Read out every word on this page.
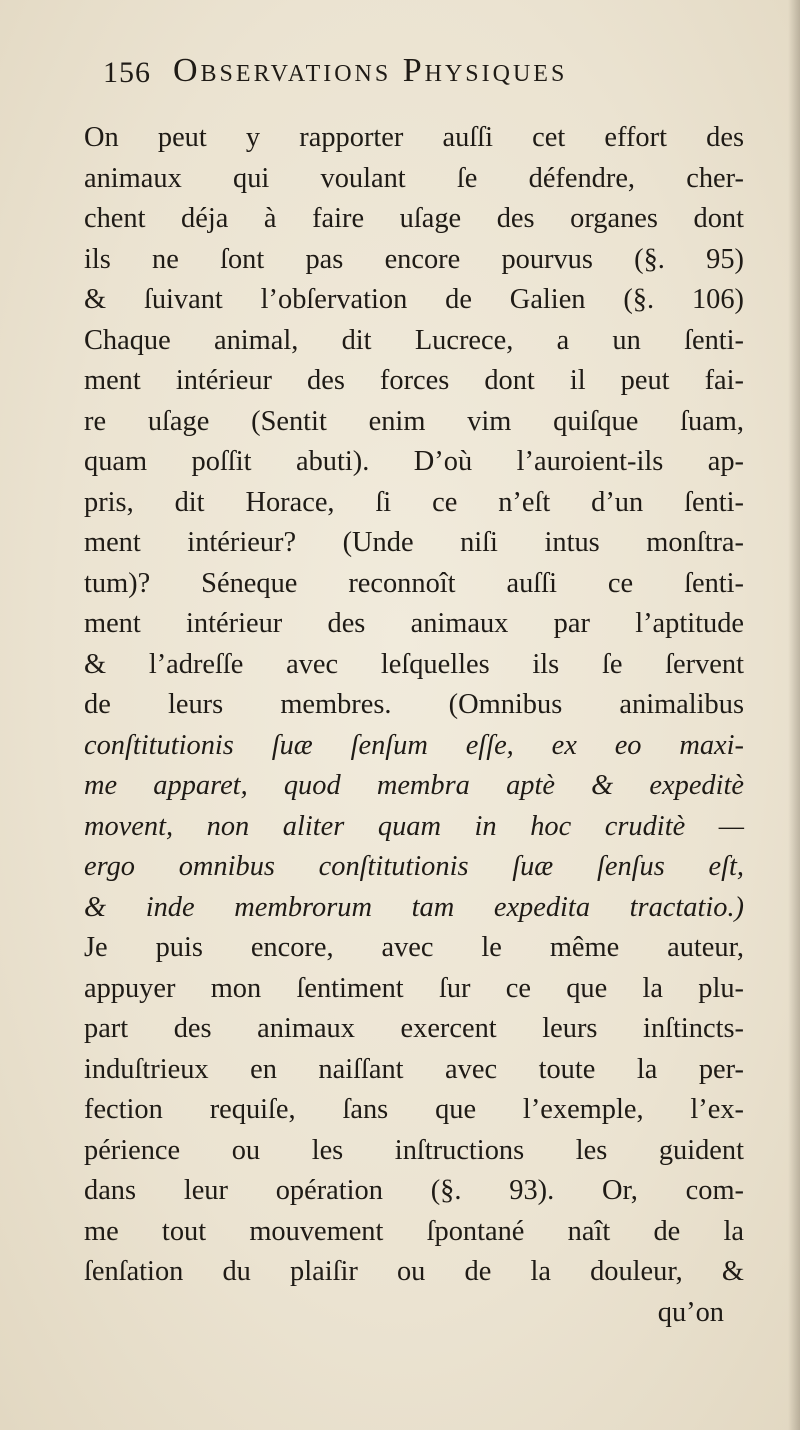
156 Observations Physiques
On peut y rapporter auſſi cet effort des
animaux qui voulant ſe défendre, cher-
chent déja à faire uſage des organes dont
ils ne ſont pas encore pourvus (§. 95)
& ſuivant l’obſervation de Galien (§. 106)
Chaque animal, dit Lucrece, a un ſenti-
ment intérieur des forces dont il peut fai-
re uſage (Sentit enim vim quiſque ſuam,
quam poſſit abuti). D’où l’auroient-ils ap-
pris, dit Horace, ſi ce n’eſt d’un ſenti-
ment intérieur? (Unde niſi intus monſtra-
tum)? Séneque reconnoît auſſi ce ſenti-
ment intérieur des animaux par l’aptitude
& l’adreſſe avec leſquelles ils ſe ſervent
de leurs membres. (Omnibus animalibus
conſtitutionis ſuæ ſenſum eſſe, ex eo maxi-
me apparet, quod membra aptè & expeditè
movent, non aliter quam in hoc cruditè —
ergo omnibus conſtitutionis ſuæ ſenſus eſt,
& inde membrorum tam expedita tractatio.)
Je puis encore, avec le même auteur,
appuyer mon ſentiment ſur ce que la plu-
part des animaux exercent leurs inſtincts-
induſtrieux en naiſſant avec toute la per-
fection requiſe, ſans que l’exemple, l’ex-
périence ou les inſtructions les guident
dans leur opération (§. 93). Or, com-
me tout mouvement ſpontané naît de la
ſenſation du plaiſir ou de la douleur, &
qu’on
